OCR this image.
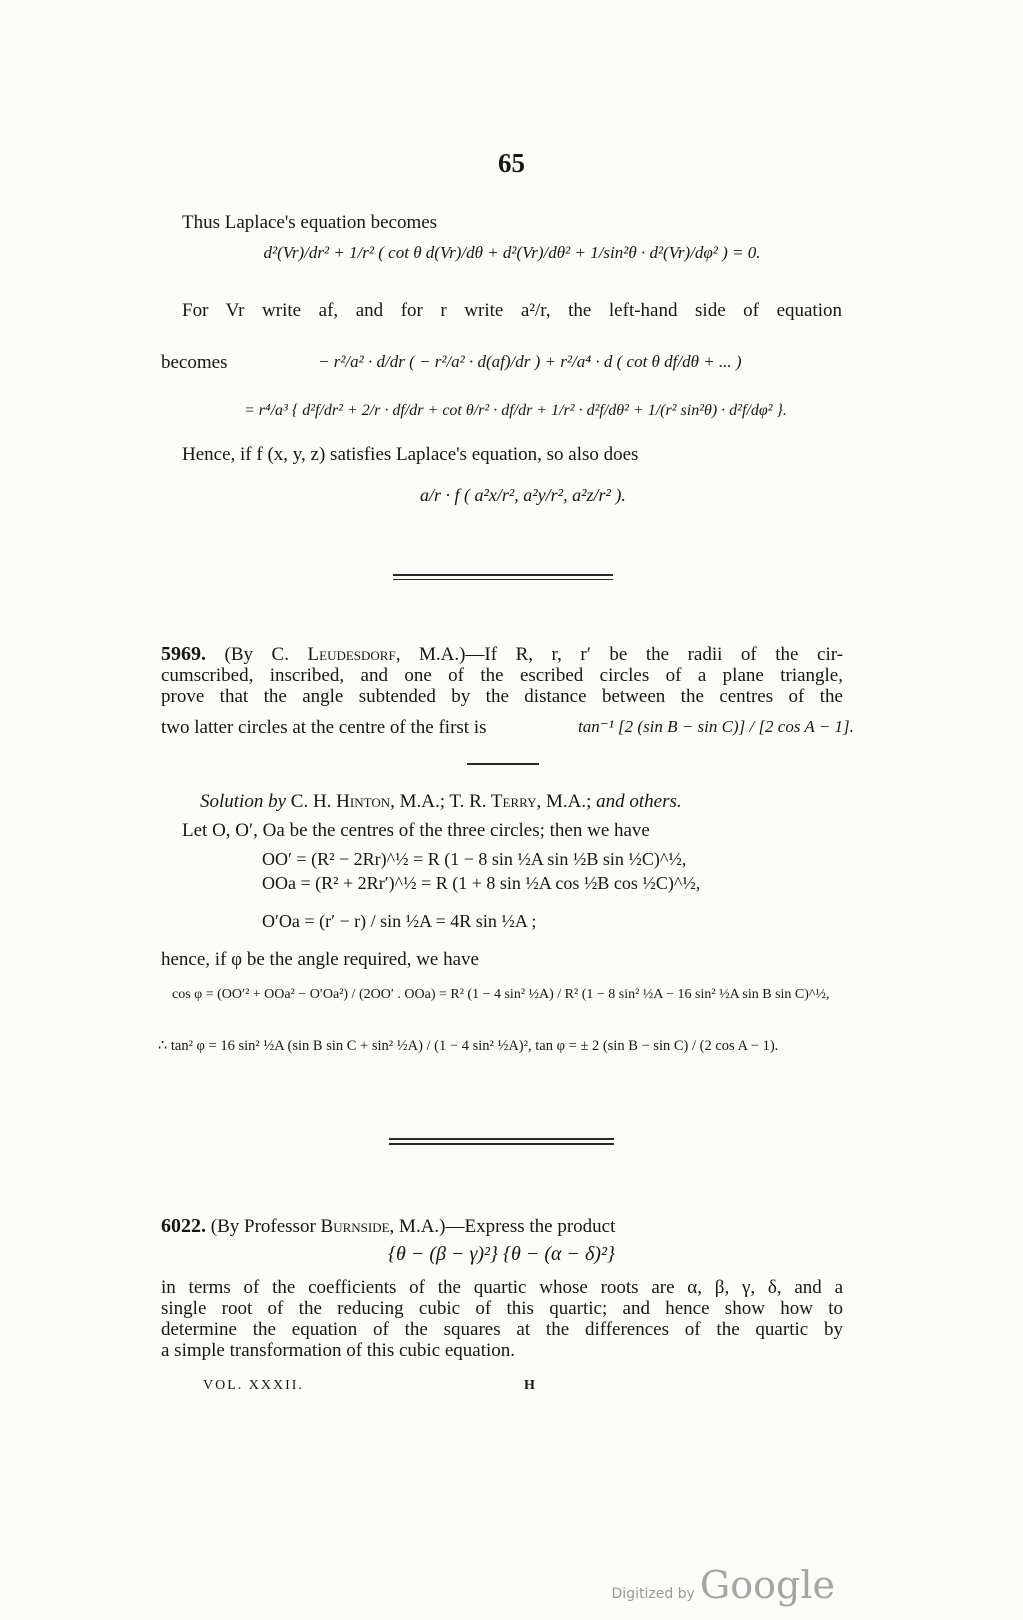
65
Thus Laplace's equation becomes
d²(Vr)/dr² + 1/r² ( cot θ d(Vr)/dθ + d²(Vr)/dθ² + 1/sin²θ · d²(Vr)/dφ² ) = 0.
For Vr write af, and for r write a²/r, the left-hand side of equation
becomes	− r²/a² · d/dr ( − r²/a² · d(af)/dr ) + r²/a⁴ · d ( cot θ df/dθ + ... )
= r⁴/a³ { d²f/dr² + 2/r · df/dr + cot θ/r² · df/dr + 1/r² · d²f/dθ² + 1/(r² sin²θ) · d²f/dφ² }.
Hence, if f (x, y, z) satisfies Laplace's equation, so also does
a/r · f ( a²x/r², a²y/r², a²z/r² ).
5969. (By C. Leudesdorf, M.A.)—If R, r, r′ be the radii of the cir-
cumscribed, inscribed, and one of the escribed circles of a plane triangle,
prove that the angle subtended by the distance between the centres of the
two latter circles at the centre of the first is	tan⁻¹ [2 (sin B − sin C)] / [2 cos A − 1].
Solution by C. H. Hinton, M.A.; T. R. Terry, M.A.; and others.
Let O, O′, Oa be the centres of the three circles; then we have
OO′ = (R² − 2Rr)^½ = R (1 − 8 sin ½A sin ½B sin ½C)^½,
OOa = (R² + 2Rr′)^½ = R (1 + 8 sin ½A cos ½B cos ½C)^½,
O′Oa = (r′ − r) / sin ½A = 4R sin ½A ;
hence, if φ be the angle required, we have
cos φ = (OO′² + OOa² − O′Oa²) / (2OO′ . OOa) = R² (1 − 4 sin² ½A) / R² (1 − 8 sin² ½A − 16 sin² ½A sin B sin C)^½,
∴ tan² φ = 16 sin² ½A (sin B sin C + sin² ½A) / (1 − 4 sin² ½A)², tan φ = ± 2 (sin B − sin C) / (2 cos A − 1).
6022. (By Professor Burnside, M.A.)—Express the product
{θ − (β − γ)²} {θ − (α − δ)²}
in terms of the coefficients of the quartic whose roots are α, β, γ, δ, and a
single root of the reducing cubic of this quartic; and hence show how to
determine the equation of the squares at the differences of the quartic by
a simple transformation of this cubic equation.
VOL. XXXII.	H
Digitized by Google
